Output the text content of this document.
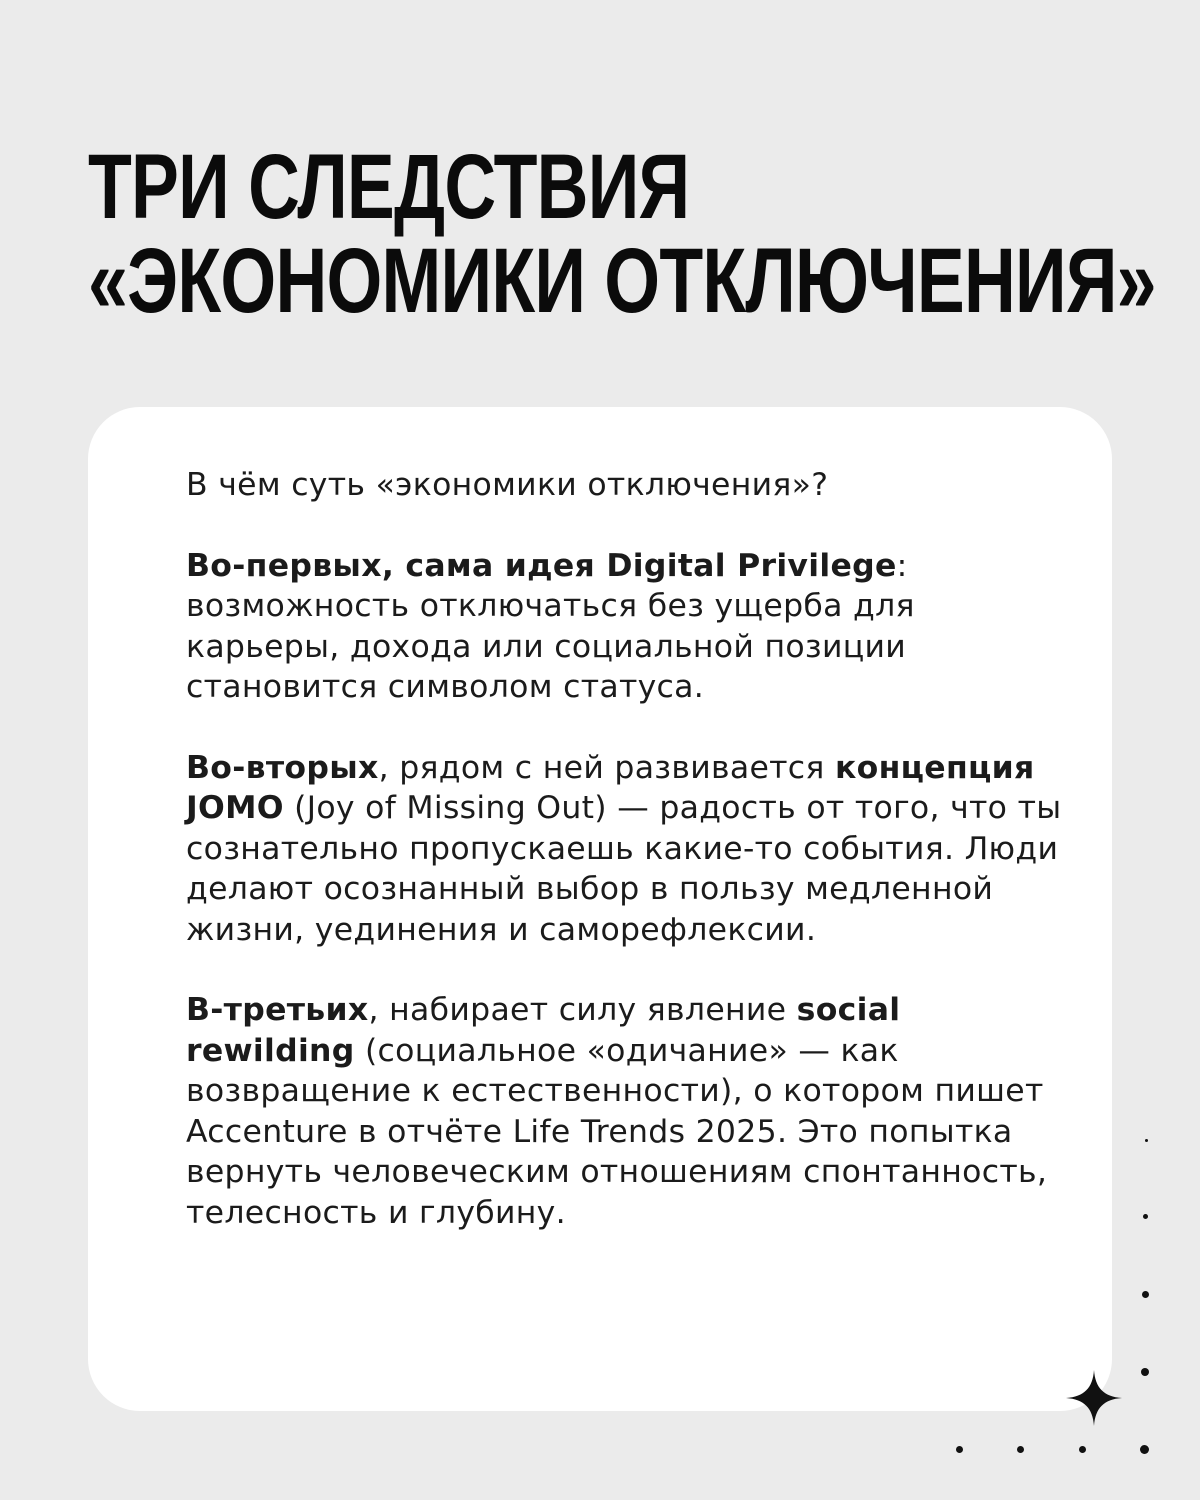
ТРИ СЛЕДСТВИЯ
«ЭКОНОМИКИ ОТКЛЮЧЕНИЯ»

В чём суть «экономики отключения»?

Во-первых, сама идея Digital Privilege: возможность отключаться без ущерба для карьеры, дохода или социальной позиции становится символом статуса.

Во-вторых, рядом с ней развивается концепция JOMO (Joy of Missing Out) — радость от того, что ты сознательно пропускаешь какие-то события. Люди делают осознанный выбор в пользу медленной жизни, уединения и саморефлексии.

В-третьих, набирает силу явление social rewilding (социальное «одичание» — как возвращение к естественности), о котором пишет Accenture в отчёте Life Trends 2025. Это попытка вернуть человеческим отношениям спонтанность, телесность и глубину.
